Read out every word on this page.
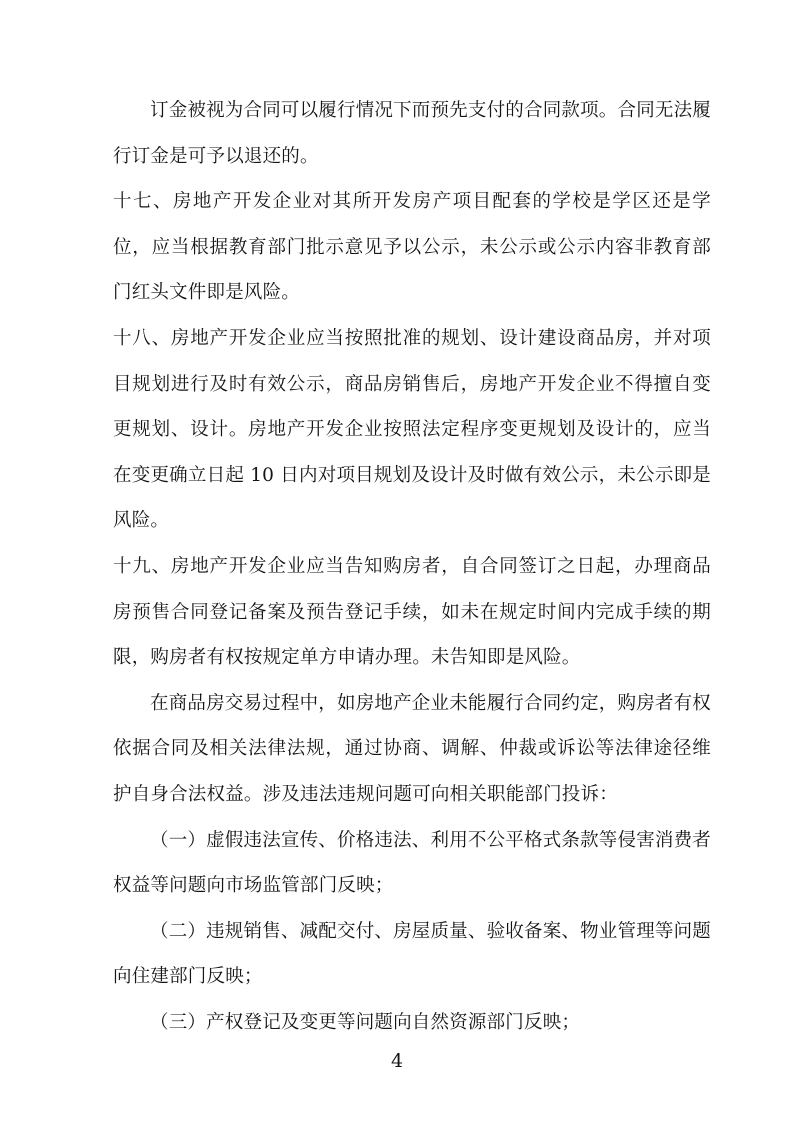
订金被视为合同可以履行情况下而预先支付的合同款项。合同无法履行订金是可予以退还的。

十七、房地产开发企业对其所开发房产项目配套的学校是学区还是学位，应当根据教育部门批示意见予以公示，未公示或公示内容非教育部门红头文件即是风险。

十八、房地产开发企业应当按照批准的规划、设计建设商品房，并对项目规划进行及时有效公示，商品房销售后，房地产开发企业不得擅自变更规划、设计。房地产开发企业按照法定程序变更规划及设计的，应当在变更确立日起 10 日内对项目规划及设计及时做有效公示，未公示即是风险。

十九、房地产开发企业应当告知购房者，自合同签订之日起，办理商品房预售合同登记备案及预告登记手续，如未在规定时间内完成手续的期限，购房者有权按规定单方申请办理。未告知即是风险。

在商品房交易过程中，如房地产企业未能履行合同约定，购房者有权依据合同及相关法律法规，通过协商、调解、仲裁或诉讼等法律途径维护自身合法权益。涉及违法违规问题可向相关职能部门投诉：

（一）虚假违法宣传、价格违法、利用不公平格式条款等侵害消费者权益等问题向市场监管部门反映；

（二）违规销售、减配交付、房屋质量、验收备案、物业管理等问题向住建部门反映；

（三）产权登记及变更等问题向自然资源部门反映；

4
